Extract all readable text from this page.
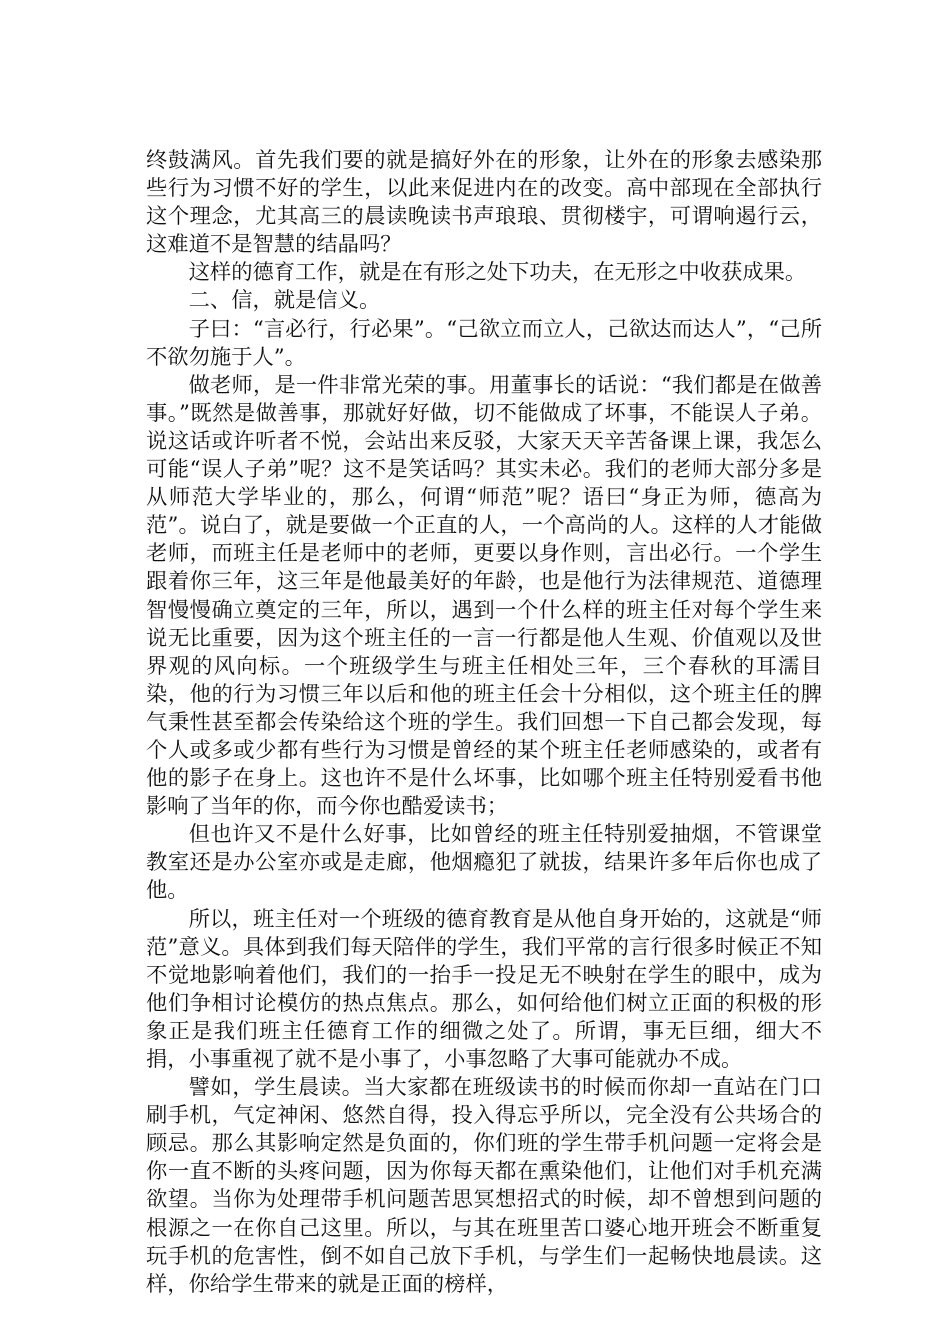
终鼓满风。首先我们要的就是搞好外在的形象，让外在的形象去感染那些行为习惯不好的学生，以此来促进内在的改变。高中部现在全部执行这个理念，尤其高三的晨读晚读书声琅琅、贯彻楼宇，可谓响遏行云，这难道不是智慧的结晶吗？

这样的德育工作，就是在有形之处下功夫，在无形之中收获成果。

二、信，就是信义。

子曰：“言必行，行必果”。“己欲立而立人，己欲达而达人”，“己所不欲勿施于人”。

做老师，是一件非常光荣的事。用董事长的话说：“我们都是在做善事。”既然是做善事，那就好好做，切不能做成了坏事，不能误人子弟。说这话或许听者不悦，会站出来反驳，大家天天辛苦备课上课，我怎么可能“误人子弟”呢？这不是笑话吗？其实未必。我们的老师大部分多是从师范大学毕业的，那么，何谓“师范”呢？语曰“身正为师，德高为范”。说白了，就是要做一个正直的人，一个高尚的人。这样的人才能做老师，而班主任是老师中的老师，更要以身作则，言出必行。一个学生跟着你三年，这三年是他最美好的年龄，也是他行为法律规范、道德理智慢慢确立奠定的三年，所以，遇到一个什么样的班主任对每个学生来说无比重要，因为这个班主任的一言一行都是他人生观、价值观以及世界观的风向标。一个班级学生与班主任相处三年，三个春秋的耳濡目染，他的行为习惯三年以后和他的班主任会十分相似，这个班主任的脾气秉性甚至都会传染给这个班的学生。我们回想一下自己都会发现，每个人或多或少都有些行为习惯是曾经的某个班主任老师感染的，或者有他的影子在身上。这也许不是什么坏事，比如哪个班主任特别爱看书他影响了当年的你，而今你也酷爱读书；

但也许又不是什么好事，比如曾经的班主任特别爱抽烟，不管课堂教室还是办公室亦或是走廊，他烟瘾犯了就拔，结果许多年后你也成了他。

所以，班主任对一个班级的德育教育是从他自身开始的，这就是“师范”意义。具体到我们每天陪伴的学生，我们平常的言行很多时候正不知不觉地影响着他们，我们的一抬手一投足无不映射在学生的眼中，成为他们争相讨论模仿的热点焦点。那么，如何给他们树立正面的积极的形象正是我们班主任德育工作的细微之处了。所谓，事无巨细，细大不捐，小事重视了就不是小事了，小事忽略了大事可能就办不成。

譬如，学生晨读。当大家都在班级读书的时候而你却一直站在门口刷手机，气定神闲、悠然自得，投入得忘乎所以，完全没有公共场合的顾忌。那么其影响定然是负面的，你们班的学生带手机问题一定将会是你一直不断的头疼问题，因为你每天都在熏染他们，让他们对手机充满欲望。当你为处理带手机问题苦思冥想招式的时候，却不曾想到问题的根源之一在你自己这里。所以，与其在班里苦口婆心地开班会不断重复玩手机的危害性，倒不如自己放下手机，与学生们一起畅快地晨读。这样，你给学生带来的就是正面的榜样，
